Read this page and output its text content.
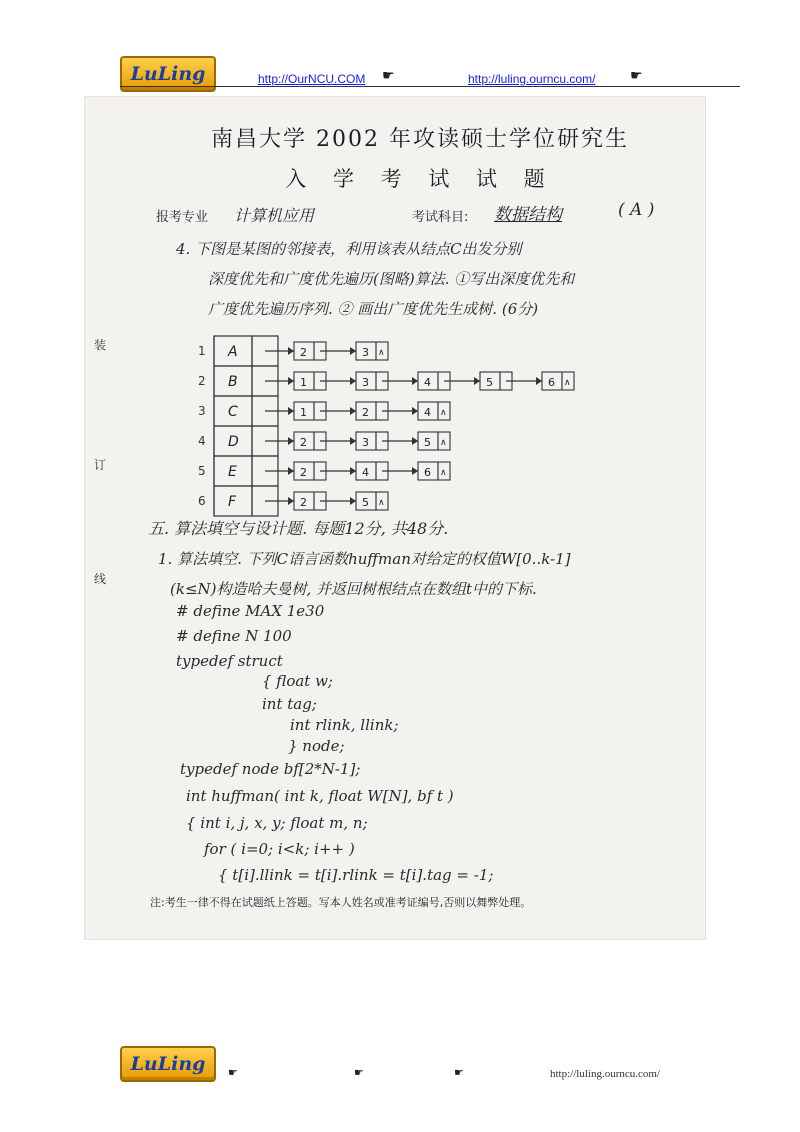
LuLing	http://OurNCU.COM ☛	http://luling.ourncu.com/ ☛
南昌大学 2002 年攻读硕士学位研究生
入 学 考 试 试 题
报考专业 计算机应用	考试科目: 数据结构	( A )
4. 下图是某图的邻接表，利用该表从结点C出发分别
深度优先和广度优先遍历(图略)算法. ①写出深度优先和
广度优先遍历序列. ② 画出广度优先生成树. (6分)
1 A	2	3 ∧
2 B	1	3	4	5	6 ∧
3 C	1	2	4 ∧
4 D	2	3	5 ∧
5 E	2	4	6 ∧
6 F	2	5 ∧
五. 算法填空与设计题. 每题12分, 共48分.
1. 算法填空. 下列C语言函数huffman对给定的权值W[0..k-1]
(k≤N)构造哈夫曼树, 并返回树根结点在数组t中的下标.
# define MAX 1e30
# define N 100
typedef struct
{ float w;
int tag;
int rlink, llink;
} node;
typedef node bf[2*N-1];
int huffman( int k, float W[N], bf t )
{ int i, j, x, y; float m, n;
for ( i=0; i<k; i++ )
{ t[i].llink = t[i].rlink = t[i].tag = -1;
装
订
线
注:考生一律不得在试题纸上答题。写本人姓名或准考证编号,否则以舞弊处理。
LuLing	☛	☛	☛	http://luling.ourncu.com/
